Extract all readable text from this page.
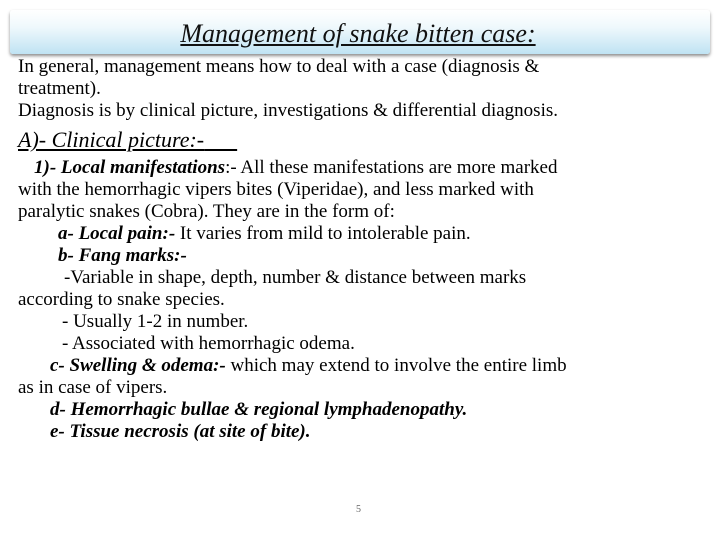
Management of snake bitten case:
In general, management means how to deal with a case (diagnosis &
treatment).
Diagnosis is by clinical picture, investigations & differential diagnosis.
A)- Clinical picture:-
1)- Local manifestations:- All these manifestations are more marked
with the hemorrhagic vipers bites (Viperidae), and less marked with
paralytic snakes (Cobra). They are in the form of:
a- Local pain:- It varies from mild to intolerable pain.
b- Fang marks:-
-Variable in shape, depth, number & distance between marks
according to snake species.
- Usually 1-2 in number.
- Associated with hemorrhagic odema.
c- Swelling & odema:- which may extend to involve the entire limb
as in case of vipers.
d- Hemorrhagic bullae & regional lymphadenopathy.
e- Tissue necrosis (at site of bite).
5
